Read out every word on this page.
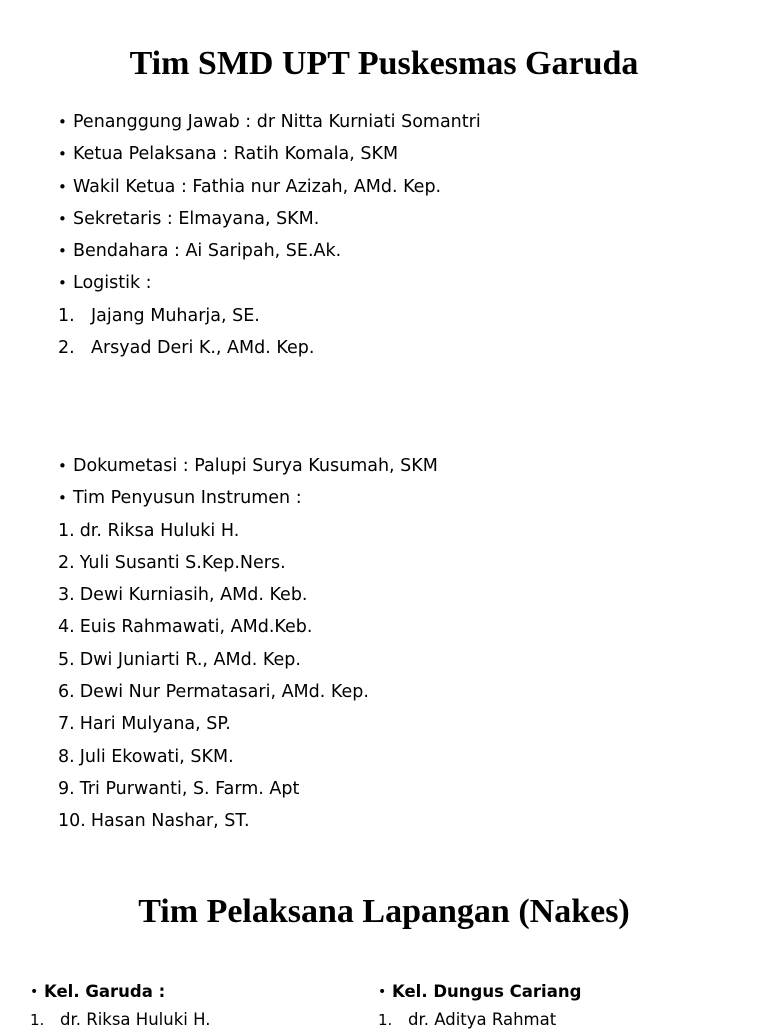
Tim SMD UPT Puskesmas Garuda
• Penanggung Jawab : dr Nitta Kurniati Somantri
• Ketua Pelaksana : Ratih Komala, SKM
• Wakil Ketua : Fathia nur Azizah, AMd. Kep.
• Sekretaris : Elmayana, SKM.
• Bendahara : Ai Saripah, SE.Ak.
• Logistik :
1. Jajang Muharja, SE.
2. Arsyad Deri K., AMd. Kep.
• Dokumetasi : Palupi Surya Kusumah, SKM
• Tim Penyusun Instrumen :
1. dr. Riksa Huluki H.
2. Yuli Susanti S.Kep.Ners.
3. Dewi Kurniasih, AMd. Keb.
4. Euis Rahmawati, AMd.Keb.
5. Dwi Juniarti R., AMd. Kep.
6. Dewi Nur Permatasari, AMd. Kep.
7. Hari Mulyana, SP.
8. Juli Ekowati, SKM.
9. Tri Purwanti, S. Farm. Apt
10. Hasan Nashar, ST.
Tim Pelaksana Lapangan (Nakes)
• Kel. Garuda :
1. dr. Riksa Huluki H.
• Kel. Dungus Cariang
1. dr. Aditya Rahmat
